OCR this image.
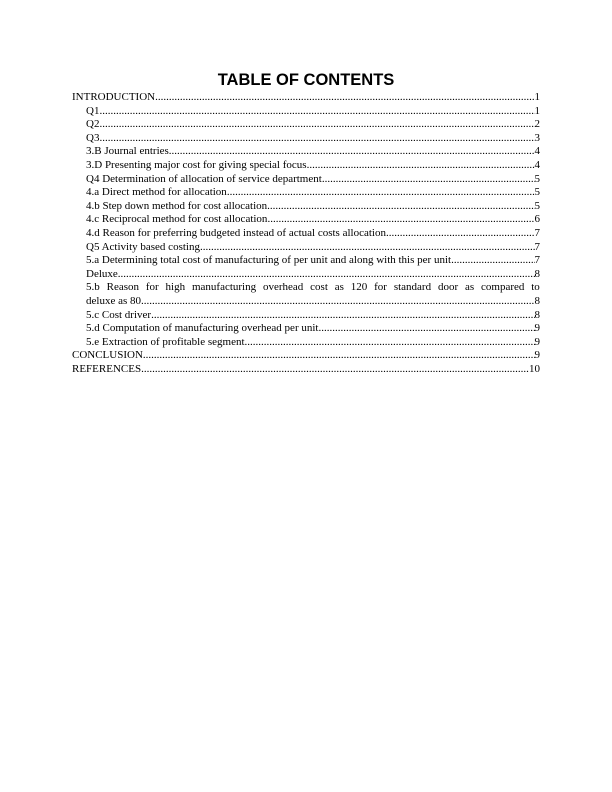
TABLE OF CONTENTS
INTRODUCTION .....	1
Q1 .....	1
Q2 .....	2
Q3 .....	3
3.B Journal entries .....	4
3.D Presenting major cost for giving special focus .....	4
Q4 Determination of allocation of service department .....	5
4.a Direct method for allocation .....	5
4.b Step down method for cost allocation .....	5
4.c Reciprocal method for cost allocation .....	6
4.d Reason for preferring budgeted instead of actual costs allocation .....	7
Q5 Activity based costing .....	7
5.a Determining total cost of manufacturing of per unit and along with this per unit .....	7
Deluxe .....	8
5.b Reason for high manufacturing overhead cost as 120 for standard door as compared to
deluxe as 80 .....	8
5.c Cost driver .....	8
5.d Computation of manufacturing overhead per unit .....	9
5.e Extraction of profitable segment .....	9
CONCLUSION .....	9
REFERENCES .....	10
